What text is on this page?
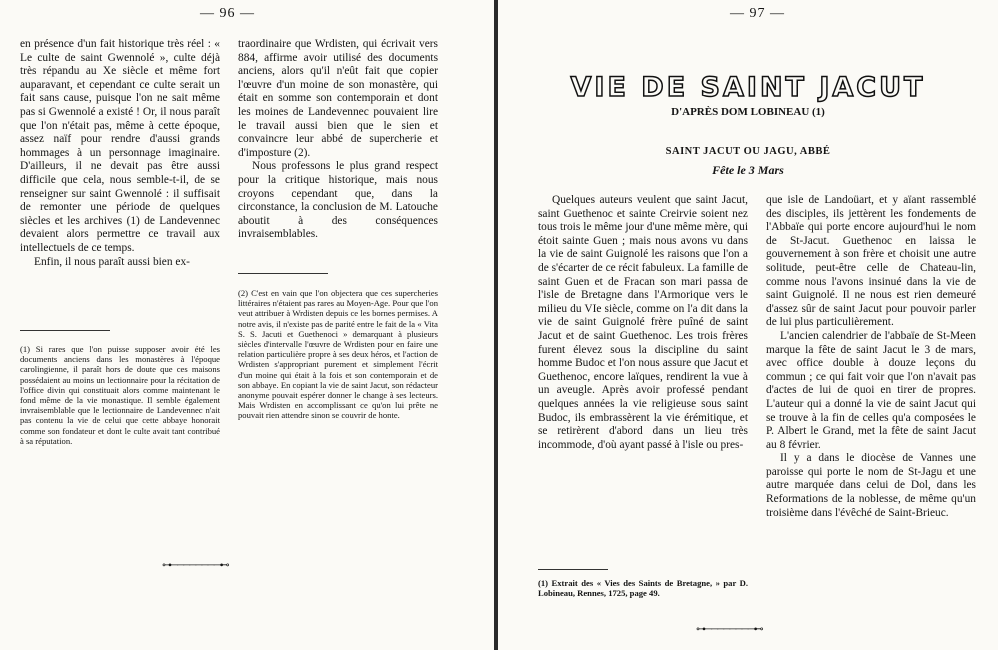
— 96 —

en présence d'un fait historique très réel : « Le culte de saint Gwennolé », culte déjà très répandu au Xe siècle et même fort auparavant, et cependant ce culte serait un fait sans cause, puisque l'on ne sait même pas si Gwennolé a existé ! Or, il nous paraît que l'on n'était pas, même à cette époque, assez naïf pour rendre d'aussi grands hommages à un personnage imaginaire. D'ailleurs, il ne devait pas être aussi difficile que cela, nous semble-t-il, de se renseigner sur saint Gwennolé : il suffisait de remonter une période de quelques siècles et les archives (1) de Landevennec devaient alors permettre ce travail aux intellectuels de ce temps.

Enfin, il nous paraît aussi bien ex-

(1) Si rares que l'on puisse supposer avoir été les documents anciens dans les monastères à l'époque carolingienne, il paraît hors de doute que ces maisons possédaient au moins un lectionnaire pour la récitation de l'office divin qui constituait alors comme maintenant le fond même de la vie monastique. Il semble également invraisemblable que le lectionnaire de Landevennec n'ait pas contenu la vie de celui que cette abbaye honorait comme son fondateur et dont le culte avait tant contribué à sa réputation.

traordinaire que Wrdisten, qui écrivait vers 884, affirme avoir utilisé des documents anciens, alors qu'il n'eût fait que copier l'œuvre d'un moine de son monastère, qui était en somme son contemporain et dont les moines de Landevennec pouvaient lire le travail aussi bien que le sien et convaincre leur abbé de supercherie et d'imposture (2).

Nous professons le plus grand respect pour la critique historique, mais nous croyons cependant que, dans la circonstance, la conclusion de M. Latouche aboutit à des conséquences invraisemblables.

(2) C'est en vain que l'on objectera que ces supercheries littéraires n'étaient pas rares au Moyen-Age. Pour que l'on veut attribuer à Wrdisten depuis ce les bornes permises. A notre avis, il n'existe pas de parité entre le fait de la « Vita S. S. Jacuti et Guethenoci » demarquant à plusieurs siècles d'intervalle l'œuvre de Wrdisten pour en faire une relation particulière propre à ses deux héros, et l'action de Wrdisten s'appropriant purement et simplement l'écrit d'un moine qui était à la fois et son contemporain et de son abbaye. En copiant la vie de saint Jacut, son rédacteur anonyme pouvait espérer donner le change à ses lecteurs. Mais Wrdisten en accomplissant ce qu'on lui prête ne pouvait rien attendre sinon se couvrir de honte.
⊶────────⊷
— 97 —
VIE DE SAINT JACUT
D'APRÈS DOM LOBINEAU (1)
SAINT JACUT OU JAGU, ABBÉ
Fête le 3 Mars

Quelques auteurs veulent que saint Jacut, saint Guethenoc et sainte Creirvie soient nez tous trois le même jour d'une même mère, qui étoit sainte Guen ; mais nous avons vu dans la vie de saint Guignolé les raisons que l'on a de s'écarter de ce récit fabuleux. La famille de saint Guen et de Fracan son mari passa de l'isle de Bretagne dans l'Armorique vers le milieu du VIe siècle, comme on l'a dit dans la vie de saint Guignolé frère puîné de saint Jacut et de saint Guethenoc. Les trois frères furent élevez sous la discipline du saint homme Budoc et l'on nous assure que Jacut et Guethenoc, encore laïques, rendirent la vue à un aveugle. Après avoir professé pendant quelques années la vie religieuse sous saint Budoc, ils embrassèrent la vie érémitique, et se retirèrent d'abord dans un lieu très incommode, d'où ayant passé à l'isle ou pres-

(1) Extrait des « Vies des Saints de Bretagne, » par D. Lobineau, Rennes, 1725, page 49.

que isle de Landoüart, et y aïant rassemblé des disciples, ils jettèrent les fondements de l'Abbaïe qui porte encore aujourd'hui le nom de St-Jacut. Guethenoc en laissa le gouvernement à son frère et choisit une autre solitude, peut-être celle de Chateau-lin, comme nous l'avons insinué dans la vie de saint Guignolé. Il ne nous est rien demeuré d'assez sûr de saint Jacut pour pouvoir parler de lui plus particulièrement.

L'ancien calendrier de l'abbaïe de St-Meen marque la fête de saint Jacut le 3 de mars, avec office double à douze leçons du commun ; ce qui fait voir que l'on n'avait pas d'actes de lui de quoi en tirer de propres. L'auteur qui a donné la vie de saint Jacut qui se trouve à la fin de celles qu'a composées le P. Albert le Grand, met la fête de saint Jacut au 8 février.

Il y a dans le diocèse de Vannes une paroisse qui porte le nom de St-Jagu et une autre marquée dans celui de Dol, dans les Reformations de la noblesse, de même qu'un troisième dans l'évêché de Saint-Brieuc.

⊶────────⊷
